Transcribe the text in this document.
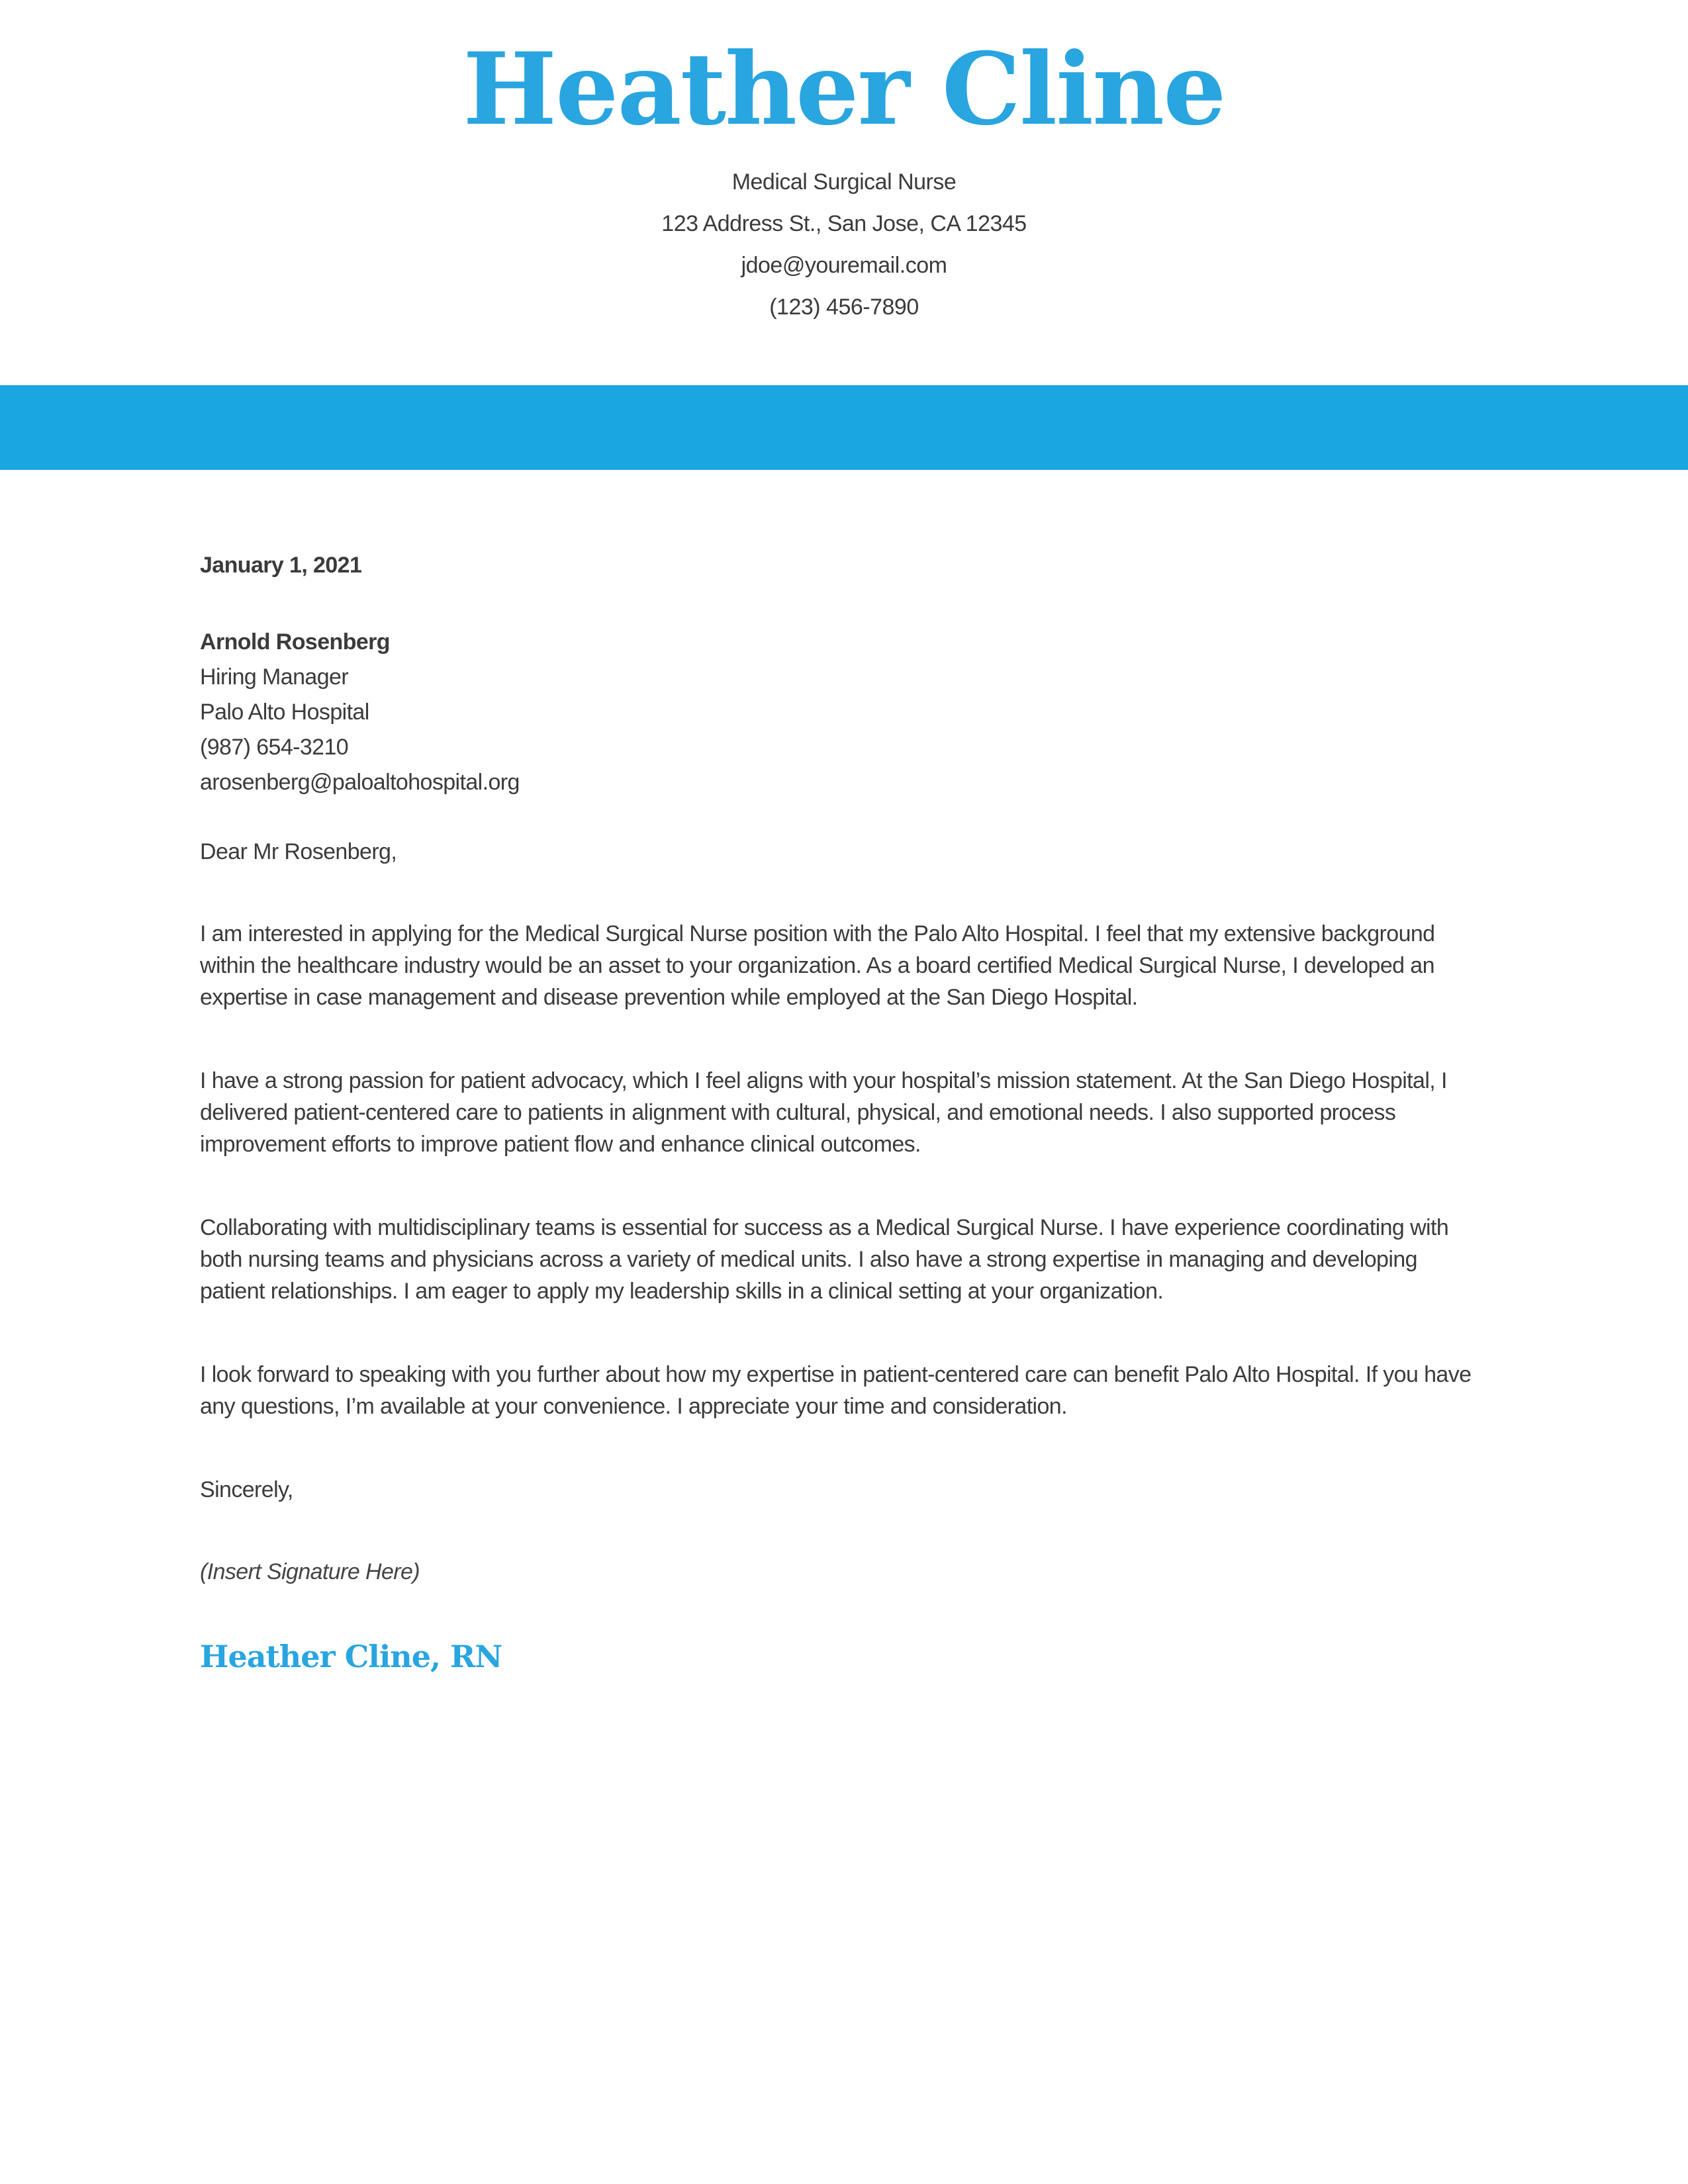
Heather Cline
Medical Surgical Nurse
123 Address St., San Jose, CA 12345
jdoe@youremail.com
(123) 456-7890
January 1, 2021
Arnold Rosenberg
Hiring Manager
Palo Alto Hospital
(987) 654-3210
arosenberg@paloaltohospital.org
Dear Mr Rosenberg,
I am interested in applying for the Medical Surgical Nurse position with the Palo Alto Hospital. I feel that my extensive background within the healthcare industry would be an asset to your organization. As a board certified Medical Surgical Nurse, I developed an expertise in case management and disease prevention while employed at the San Diego Hospital.
I have a strong passion for patient advocacy, which I feel aligns with your hospital’s mission statement. At the San Diego Hospital, I delivered patient-centered care to patients in alignment with cultural, physical, and emotional needs. I also supported process improvement efforts to improve patient flow and enhance clinical outcomes.
Collaborating with multidisciplinary teams is essential for success as a Medical Surgical Nurse. I have experience coordinating with both nursing teams and physicians across a variety of medical units. I also have a strong expertise in managing and developing patient relationships. I am eager to apply my leadership skills in a clinical setting at your organization.
I look forward to speaking with you further about how my expertise in patient-centered care can benefit Palo Alto Hospital. If you have any questions, I’m available at your convenience. I appreciate your time and consideration.
Sincerely,
(Insert Signature Here)
Heather Cline, RN
